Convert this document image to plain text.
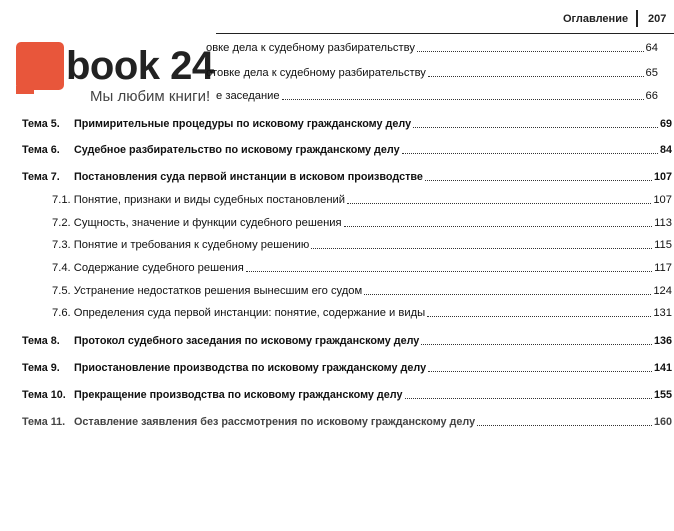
Оглавление 207
book 24
Мы любим книги!
овке дела к судебному разбирательству	64
отовке дела к судебному разбирательству	65
е заседание	66
Тема 5. Примирительные процедуры по исковому гражданскому делу	69
Тема 6. Судебное разбирательство по исковому гражданскому делу	84
Тема 7. Постановления суда первой инстанции в исковом производстве	107
7.1. Понятие, признаки и виды судебных постановлений	107
7.2. Сущность, значение и функции судебного решения	113
7.3. Понятие и требования к судебному решению	115
7.4. Содержание судебного решения	117
7.5. Устранение недостатков решения вынесшим его судом	124
7.6. Определения суда первой инстанции: понятие, содержание и виды	131
Тема 8. Протокол судебного заседания по исковому гражданскому делу	136
Тема 9. Приостановление производства по исковому гражданскому делу	141
Тема 10. Прекращение производства по исковому гражданскому делу	155
Тема 11. Оставление заявления без рассмотрения по исковому гражданскому делу	160
